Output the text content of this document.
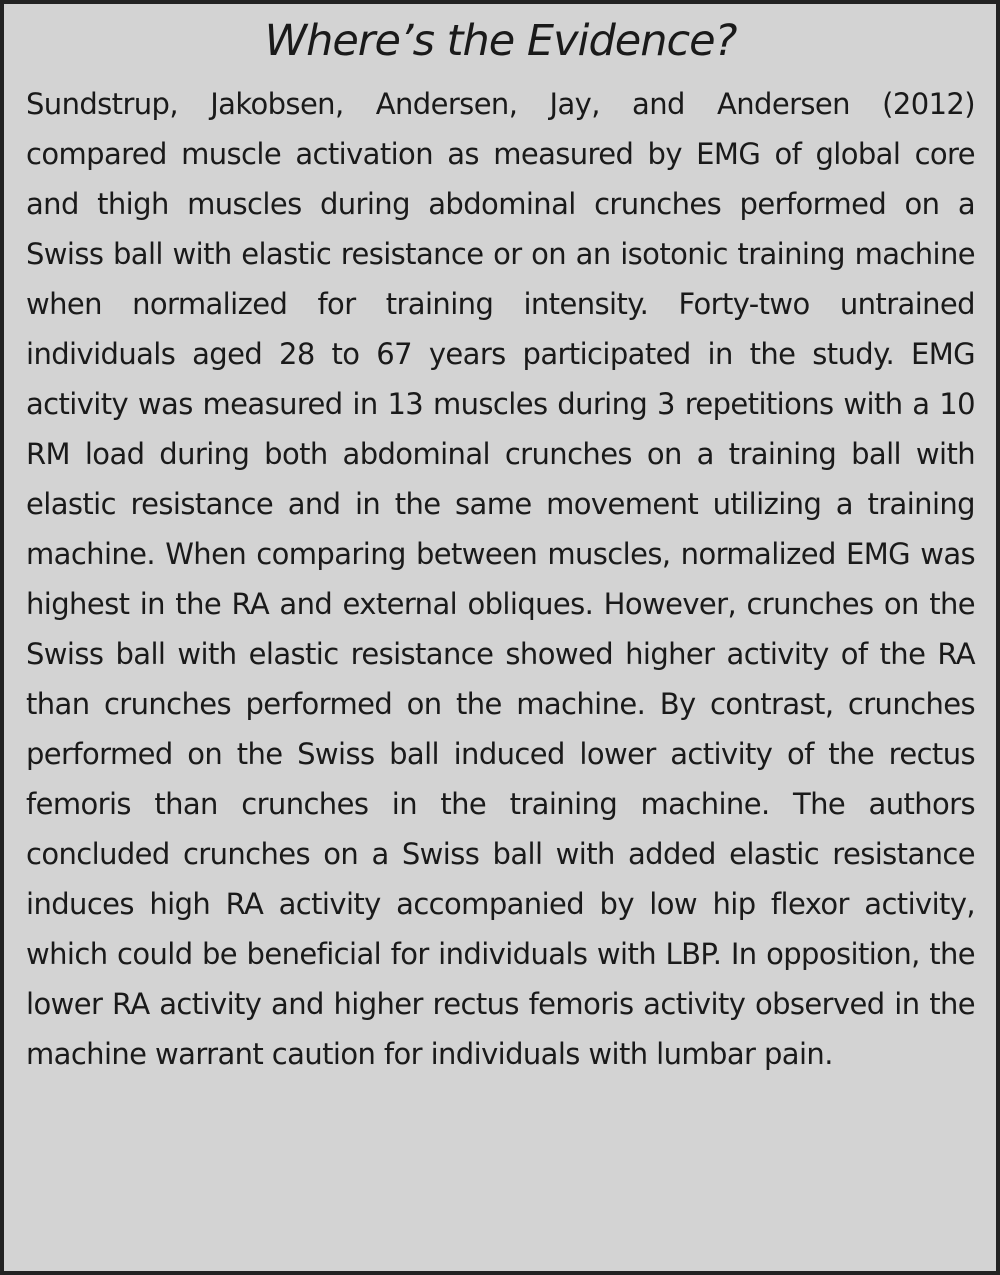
Where’s the Evidence?

Sundstrup, Jakobsen, Andersen, Jay, and Andersen (2012) compared muscle activation as measured by EMG of global core and thigh muscles during abdominal crunches performed on a Swiss ball with elastic resistance or on an isotonic training machine when normalized for training intensity. Forty-two untrained individuals aged 28 to 67 years participated in the study. EMG activity was measured in 13 muscles during 3 repetitions with a 10 RM load during both abdominal crunches on a training ball with elastic resistance and in the same movement utilizing a training machine. When comparing between muscles, normalized EMG was highest in the RA and external obliques. However, crunches on the Swiss ball with elastic resistance showed higher activity of the RA than crunches performed on the machine. By contrast, crunches performed on the Swiss ball induced lower activity of the rectus femoris than crunches in the training machine. The authors concluded crunches on a Swiss ball with added elastic resistance induces high RA activity accompanied by low hip flexor activity, which could be beneficial for individuals with LBP. In opposition, the lower RA activity and higher rectus femoris activity observed in the machine warrant caution for individuals with lumbar pain.
